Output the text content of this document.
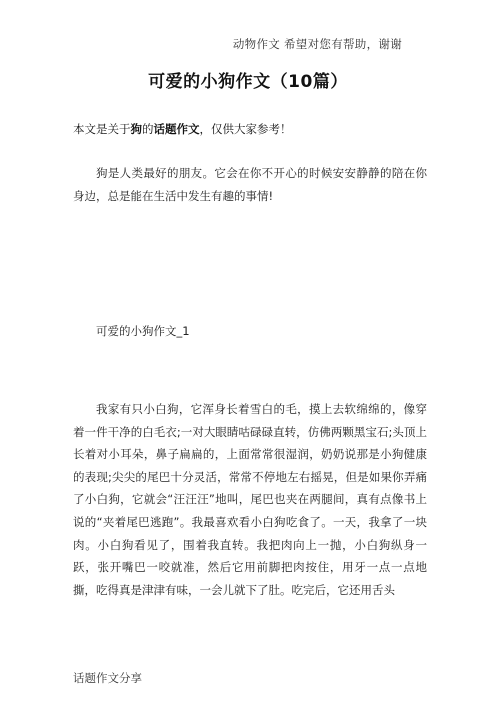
动物作文 希望对您有帮助，谢谢
可爱的小狗作文（10篇）
本文是关于狗的话题作文，仅供大家参考！

狗是人类最好的朋友。它会在你不开心的时候安安静静的陪在你身边，总是能在生活中发生有趣的事情!

可爱的小狗作文_1

我家有只小白狗，它浑身长着雪白的毛，摸上去软绵绵的，像穿着一件干净的白毛衣;一对大眼睛咕碌碌直转，仿佛两颗黑宝石;头顶上长着对小耳朵，鼻子扁扁的，上面常常很湿润，奶奶说那是小狗健康的表现;尖尖的尾巴十分灵活，常常不停地左右摇晃，但是如果你弄痛了小白狗，它就会“汪汪汪”地叫，尾巴也夹在两腿间，真有点像书上说的“夹着尾巴逃跑”。我最喜欢看小白狗吃食了。一天，我拿了一块肉。小白狗看见了，围着我直转。我把肉向上一抛，小白狗纵身一跃，张开嘴巴一咬就准，然后它用前脚把肉按住，用牙一点一点地撕，吃得真是津津有味，一会儿就下了肚。吃完后，它还用舌头

话题作文分享
